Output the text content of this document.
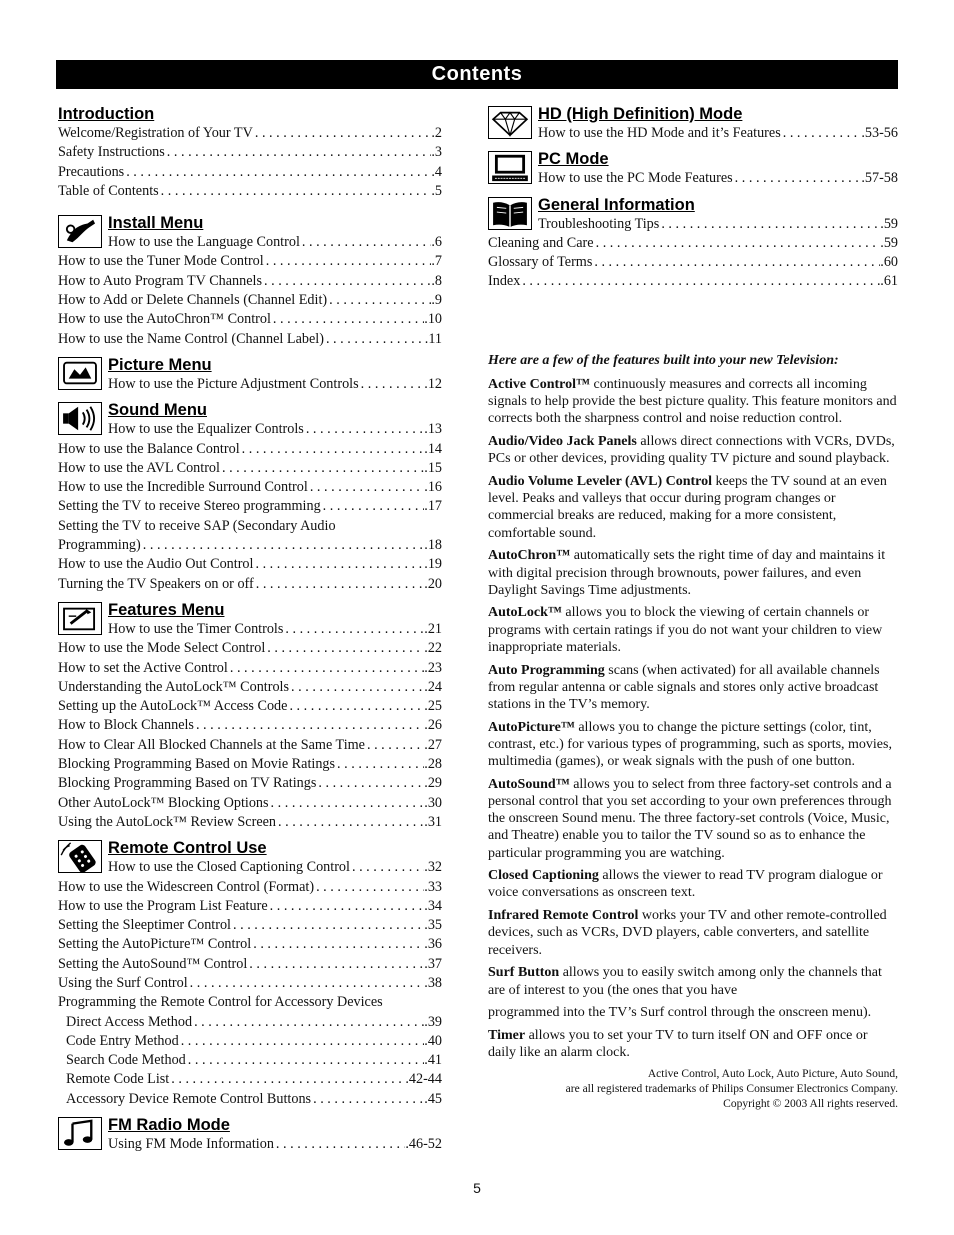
Contents
Introduction
Welcome/Registration of Your TV . . .	.2
Safety Instructions . . .	.3
Precautions . . .	.4
Table of Contents . . .	.5
Install Menu
How to use the Language Control . . .	.6
How to use the Tuner Mode Control . . .	.7
How to Auto Program TV Channels . . .	.8
How to Add or Delete Channels (Channel Edit) . . .	.9
How to use the AutoChron™ Control . . .	.10
How to use the Name Control (Channel Label) . . .	.11
Picture Menu
How to use the Picture Adjustment Controls . . .	.12
Sound Menu
How to use the Equalizer Controls . . .	.13
How to use the Balance Control . . .	.14
How to use the AVL Control . . .	.15
How to use the Incredible Surround Control . . .	.16
Setting the TV to receive Stereo programming . . .	.17
Setting the TV to receive SAP (Secondary Audio
Programming) . . .	.18
How to use the Audio Out Control . . .	.19
Turning the TV Speakers on or off . . .	.20
Features Menu
How to use the Timer Controls . . .	.21
How to use the Mode Select Control . . .	.22
How to set the Active Control . . .	.23
Understanding the AutoLock™ Controls . . .	.24
Setting up the AutoLock™ Access Code . . .	.25
How to Block Channels . . .	.26
How to Clear All Blocked Channels at the Same Time . . .	.27
Blocking Programming Based on Movie Ratings . . .	.28
Blocking Programming Based on TV Ratings . . .	.29
Other AutoLock™ Blocking Options . . .	.30
Using the AutoLock™ Review Screen . . .	.31
Remote Control Use
How to use the Closed Captioning Control . . .	.32
How to use the Widescreen Control (Format) . . .	.33
How to use the Program List Feature . . .	.34
Setting the Sleeptimer Control . . .	.35
Setting the AutoPicture™ Control . . .	.36
Setting the AutoSound™ Control . . .	.37
Using the Surf Control . . .	.38
Programming the Remote Control for Accessory Devices
Direct Access Method . . .	.39
Code Entry Method . . .	.40
Search Code Method . . .	.41
Remote Code List . . .	.42-44
Accessory Device Remote Control Buttons . . .	.45
FM Radio Mode
Using FM Mode Information . . .	.46-52
HD (High Definition) Mode
How to use the HD Mode and it’s Features . . .	.53-56
PC Mode
How to use the PC Mode Features . . .	.57-58
General Information
Troubleshooting Tips . . .	.59
Cleaning and Care . . .	.59
Glossary of Terms . . .	.60
Index . . .	.61

Here are a few of the features built into your new Television:

Active Control™ continuously measures and corrects all incoming signals to help provide the best picture quality. This feature monitors and corrects both the sharpness control and noise reduction control.

Audio/Video Jack Panels allows direct connections with VCRs, DVDs, PCs or other devices, providing quality TV picture and sound playback.

Audio Volume Leveler (AVL) Control keeps the TV sound at an even level. Peaks and valleys that occur during program changes or commercial breaks are reduced, making for a more consistent, comfortable sound.

AutoChron™ automatically sets the right time of day and maintains it with digital precision through brownouts, power failures, and even Daylight Savings Time adjustments.

AutoLock™ allows you to block the viewing of certain channels or programs with certain ratings if you do not want your children to view inappropriate materials.

Auto Programming scans (when activated) for all available channels from regular antenna or cable signals and stores only active broadcast stations in the TV’s memory.

AutoPicture™ allows you to change the picture settings (color, tint, contrast, etc.) for various types of programming, such as sports, movies, multimedia (games), or weak signals with the push of one button.

AutoSound™ allows you to select from three factory-set controls and a personal control that you set according to your own preferences through the onscreen Sound menu. The three factory-set controls (Voice, Music, and Theatre) enable you to tailor the TV sound so as to enhance the particular programming you are watching.

Closed Captioning allows the viewer to read TV program dialogue or voice conversations as onscreen text.

Infrared Remote Control works your TV and other remote-controlled devices, such as VCRs, DVD players, cable converters, and satellite receivers.

Surf Button allows you to easily switch among only the channels that are of interest to you (the ones that you have

programmed into the TV’s Surf control through the onscreen menu).

Timer allows you to set your TV to turn itself ON and OFF once or daily like an alarm clock.

Active Control, Auto Lock, Auto Picture, Auto Sound,
are all registered trademarks of Philips Consumer Electronics Company.
Copyright © 2003 All rights reserved.
5
